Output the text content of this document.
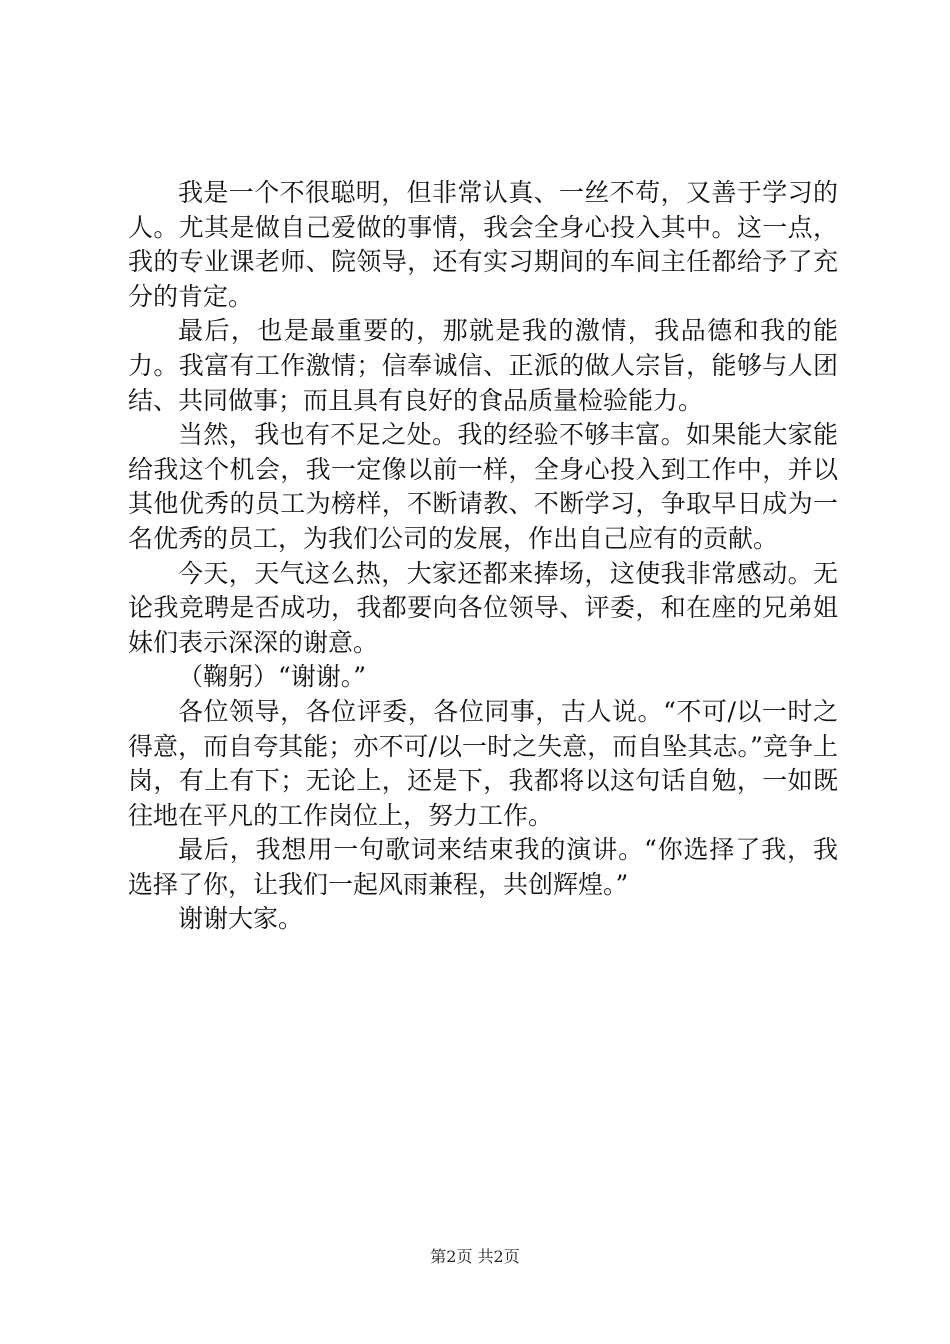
我是一个不很聪明，但非常认真、一丝不苟，又善于学习的人。尤其是做自己爱做的事情，我会全身心投入其中。这一点，我的专业课老师、院领导，还有实习期间的车间主任都给予了充分的肯定。

最后，也是最重要的，那就是我的激情，我品德和我的能力。我富有工作激情；信奉诚信、正派的做人宗旨，能够与人团结、共同做事；而且具有良好的食品质量检验能力。

当然，我也有不足之处。我的经验不够丰富。如果能大家能给我这个机会，我一定像以前一样，全身心投入到工作中，并以其他优秀的员工为榜样，不断请教、不断学习，争取早日成为一名优秀的员工，为我们公司的发展，作出自己应有的贡献。

今天，天气这么热，大家还都来捧场，这使我非常感动。无论我竞聘是否成功，我都要向各位领导、评委，和在座的兄弟姐妹们表示深深的谢意。

（鞠躬）“谢谢。”

各位领导，各位评委，各位同事，古人说。“不可/以一时之得意，而自夸其能；亦不可/以一时之失意，而自坠其志。”竞争上岗，有上有下；无论上，还是下，我都将以这句话自勉，一如既往地在平凡的工作岗位上，努力工作。

最后，我想用一句歌词来结束我的演讲。“你选择了我，我选择了你，让我们一起风雨兼程，共创辉煌。”

谢谢大家。

第2页 共2页
